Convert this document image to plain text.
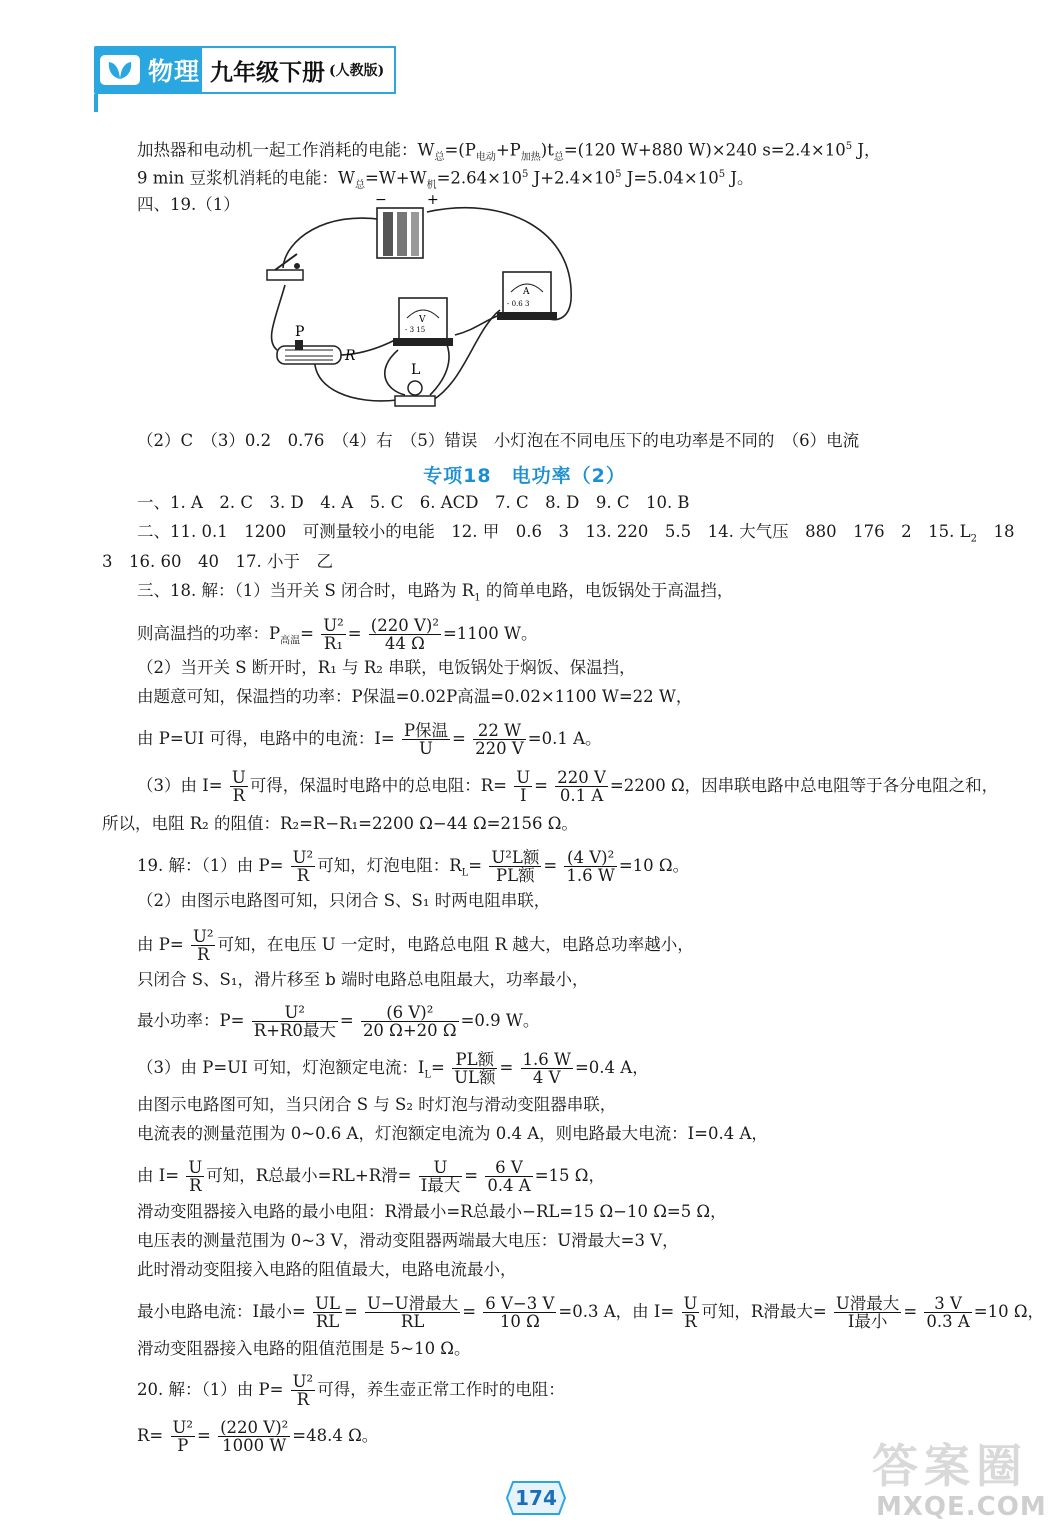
物理 九年级下册 (人教版)
加热器和电动机一起工作消耗的电能：$W_总=(P_{电动}+P_{加热})t_总=(120$ W+880 W)×240 $s=2.4\times 10^5$ J，
9 min 豆浆机消耗的电能：$W_总=W+W_机=2.64\times 10^5$ $J+2.4\times 10^5$ $J=5.04\times 10^5$ J。
四、19.（1）	−	+
P
R
V
- 3 15
A
- 0.6 3
L
（2）C　（3）0.2　0.76　（4）右　（5）错误　小灯泡在不同电压下的电功率是不同的　（6）电流
专项18　电功率（2）
一、1. A　2. C　3. D　4. A　5. C　6. ACD　7. C　8. D　9. C　10. B
二、11. 0.1　1200　可测量较小的电能　12. 甲　0.6　3　13. 220　5.5　14. 大气压　880　176　2　15. $L_2$　18
3　16. 60　40　17. 小于　乙
三、18. 解：（1）当开关 S 闭合时，电路为 $R_1$ 的简单电路，电饭锅处于高温挡，
则高温挡的功率：$P_{高温}= \frac{\text{U²}}{\text{R₁}} = \frac{\text{(220 V)²}}{44 \Omega} =1100$ W。
（2）当开关 S 断开时，R₁ 与 R₂ 串联，电饭锅处于焖饭、保温挡，
由题意可知，保温挡的功率：P保温=0.02P高温=0.02×1100 W=22 W，
由 P=UI 可得，电路中的电流：$I= \frac{\text{P保温}}{U} = \frac{22 W}{220 V} =0.1$ A。
（3）由 $I= \frac{U}{R}$ 可得，保温时电路中的总电阻：$R= \frac{U}{I} = \frac{220 V}{0.1 A} =2200$ Ω，因串联电路中总电阻等于各分电阻之和，
所以，电阻 R₂ 的阻值：R₂=R−R₁=2200 Ω−44 Ω=2156 Ω。
19. 解：（1）由 $P= \frac{\text{U²}}{R}$ 可知，灯泡电阻：$R_L= \frac{\text{U²L额}}{\text{PL额}} = \frac{\text{(4 V)²}}{1.6 W} =10$ Ω。
（2）由图示电路图可知，只闭合 S、S₁ 时两电阻串联，
由 $P= \frac{\text{U²}}{R}$ 可知，在电压 U 一定时，电路总电阻 R 越大，电路总功率越小，
只闭合 S、S₁，滑片移至 b 端时电路总电阻最大，功率最小，
最小功率：$P= \frac{\text{U²}}{\text{R+R0最大}} = \frac{\text{(6 V)²}}{20 \Omega+20 \Omega} =0.9$ W。
（3）由 P=UI 可知，灯泡额定电流：$I_L= \frac{\text{PL额}}{\text{UL额}} = \frac{1.6 W}{4 V} =0.4$ A，
由图示电路图可知，当只闭合 S 与 S₂ 时灯泡与滑动变阻器串联，
电流表的测量范围为 0~0.6 A，灯泡额定电流为 0.4 A，则电路最大电流：I=0.4 A，
由 $I= \frac{U}{R}$ 可知，R总最小=RL+R滑= $\frac{U}{\text{I最大}} = \frac{6 V}{0.4 A} =15$ Ω，
滑动变阻器接入电路的最小电阻：R滑最小=R总最小−RL=15 Ω−10 Ω=5 Ω，
电压表的测量范围为 0~3 V，滑动变阻器两端最大电压：U滑最大=3 V，
此时滑动变阻接入电路的阻值最大，电路电流最小，
最小电路电流：I最小= $\frac{UL}{RL} = \frac{\text{U−U滑最大}}{RL} = \frac{6 V-3 V}{10 \Omega} =0.3$ A，由 $I= \frac{U}{R}$ 可知，R滑最大= $\frac{\text{U滑最大}}{\text{I最小}} = \frac{3 V}{0.3 A} =10$ Ω，
滑动变阻器接入电路的阻值范围是 5~10 Ω。
20. 解：（1）由 $P= \frac{\text{U²}}{R}$ 可得，养生壶正常工作时的电阻：
$R= \frac{\text{U²}}{P} = \frac{\text{(220 V)²}}{1000 W} =48.4$ Ω。
174
答案圈
MXQE.COM
